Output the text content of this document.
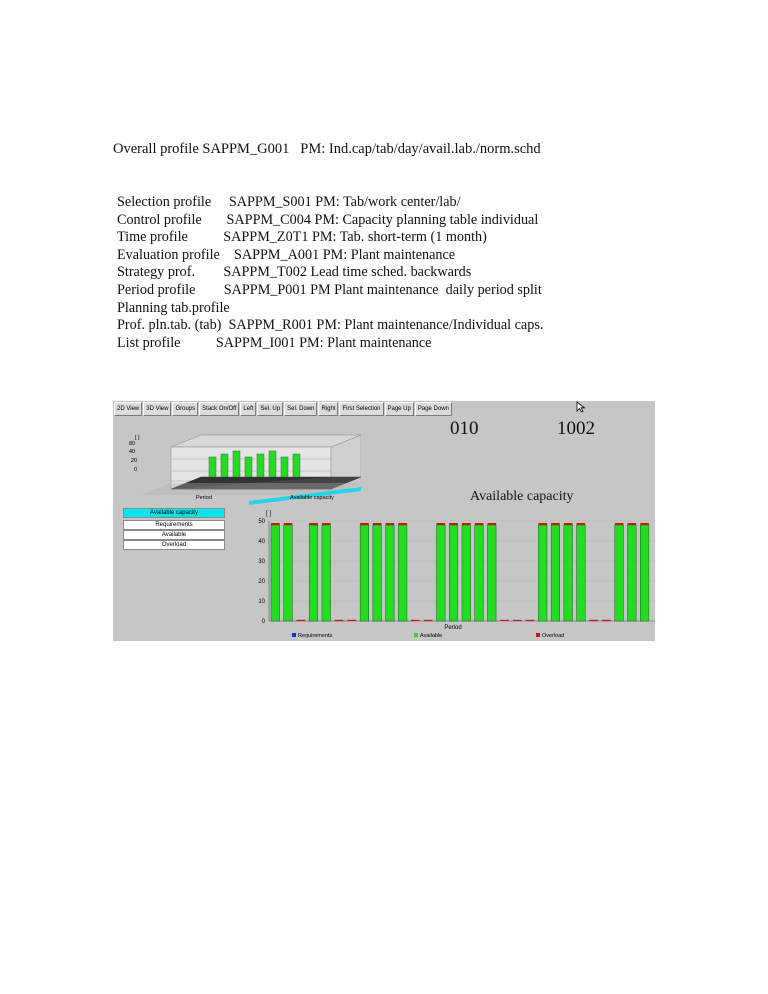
Overall profile SAPPM_G001   PM: Ind.cap/tab/day/avail.lab./norm.schd
Selection profile     SAPPM_S001 PM: Tab/work center/lab/
Control profile       SAPPM_C004 PM: Capacity planning table individual
Time profile          SAPPM_Z0T1 PM: Tab. short-term (1 month)
Evaluation profile    SAPPM_A001 PM: Plant maintenance
Strategy prof.        SAPPM_T002 Lead time sched. backwards
Period profile        SAPPM_P001 PM Plant maintenance  daily period split
Planning tab.profile
Prof. pln.tab. (tab)  SAPPM_R001 PM: Plant maintenance/Individual caps.
List profile          SAPPM_I001 PM: Plant maintenance
2D View	3D View	Groups	Stack On/Off	Left	Sel. Up	Sel. Down	Right	First Selection	Page Up	Page Down
010	1002
[ ]
80
40
20
0
Period	Available capacity
Available capacity
Requirements
Available
Overload
Available capacity
[ ]
0
10
20
30
40
50
Period
Requirements	Available	Overload
